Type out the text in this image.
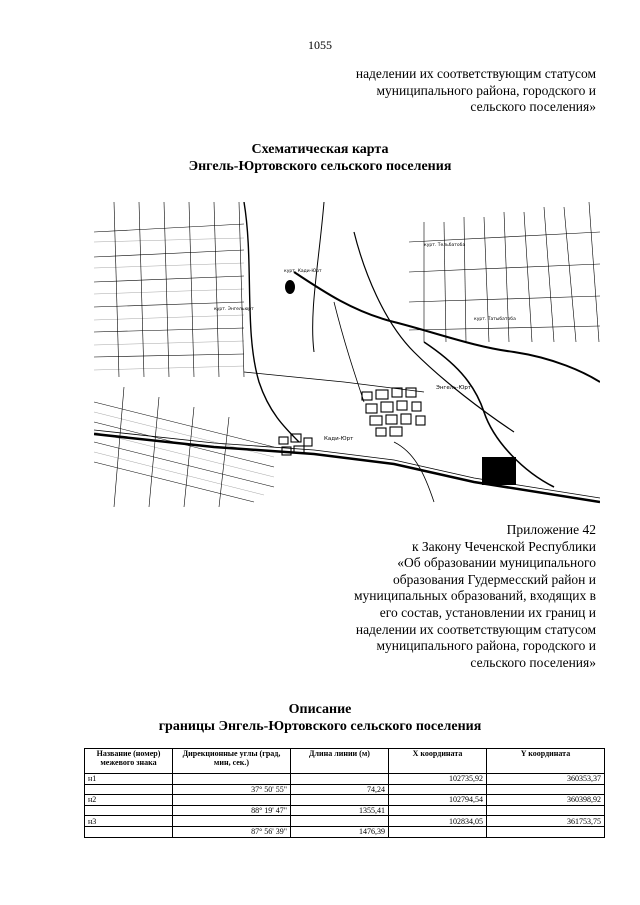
1055
наделении их соответствующим статусом
муниципального района, городского и
сельского поселения»
Схематическая карта
Энгель-Юртовского сельского поселения
Энгель-Юрт
Кади-Юрт
курт. Кади-Юрт
курт. Энгельюрт
курт. Тельбатоба
курт. Татыбатоба
Приложение 42
к Закону Чеченской Республики
«Об образовании муниципального
образования Гудермесский район и
муниципальных образований, входящих в
его состав, установлении их границ и
наделении их соответствующим статусом
муниципального района, городского и
сельского поселения»
Описание
границы Энгель-Юртовского сельского поселения
Название (номер) межевого знака	Дирекционные углы (град, мин, сек.)	Длина линии (м)	X координата	Y координата
н1			102735,92	360353,37
	37° 50' 55"	74,24		
н2			102794,54	360398,92
	88° 19' 47"	1355,41		
н3			102834,05	361753,75
	87° 56' 39"	1476,39		
